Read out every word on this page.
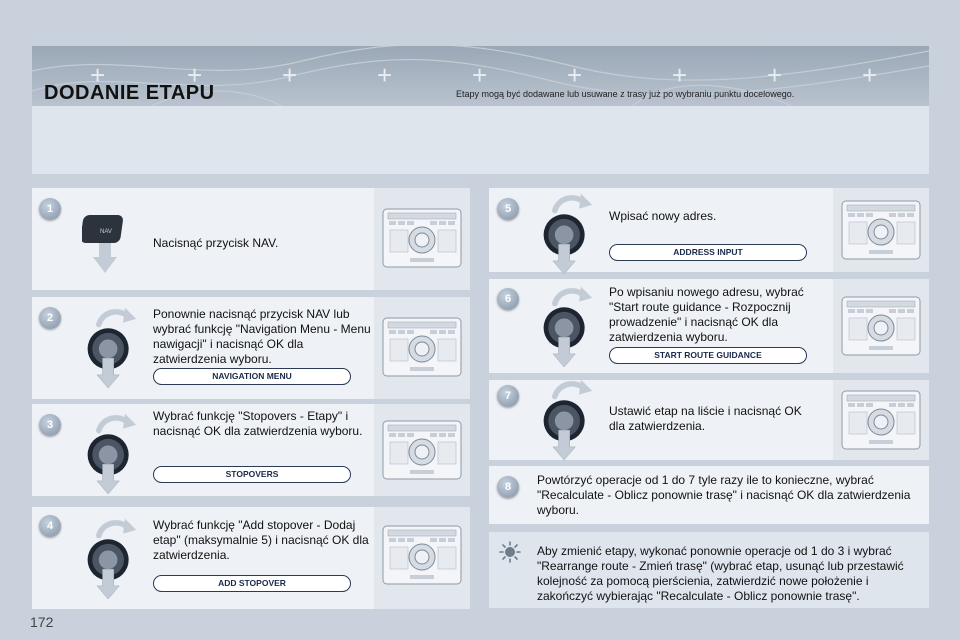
+	+	+	+	+	+	+	+	+
DODANIE ETAPU	Etapy mogą być dodawane lub usuwane z trasy już po wybraniu punktu docelowego.
1
NAV
Nacisnąć przycisk NAV.
2	Ponownie nacisnąć przycisk NAV lub wybrać funkcję "Navigation Menu - Menu nawigacji" i nacisnąć OK dla zatwierdzenia wyboru.
NAVIGATION MENU
3
Wybrać funkcję "Stopovers - Etapy" i nacisnąć OK dla zatwierdzenia wyboru.
STOPOVERS
4	Wybrać funkcję "Add stopover - Dodaj etap" (maksymalnie 5) i nacisnąć OK dla zatwierdzenia.
ADD STOPOVER
5	Wpisać nowy adres.
ADDRESS INPUT
6	Po wpisaniu nowego adresu, wybrać "Start route guidance - Rozpocznij prowadzenie" i nacisnąć OK dla zatwierdzenia wyboru.
START ROUTE GUIDANCE
7
Ustawić etap na liście i nacisnąć OK dla zatwierdzenia.
8	Powtórzyć operacje od 1 do 7 tyle razy ile to konieczne, wybrać "Recalculate - Oblicz ponownie trasę" i nacisnąć OK dla zatwierdzenia wyboru.
Aby zmienić etapy, wykonać ponownie operacje od 1 do 3 i wybrać "Rearrange route - Zmień trasę" (wybrać etap, usunąć lub przestawić kolejność za pomocą pierścienia, zatwierdzić nowe położenie i zakończyć wybierając "Recalculate - Oblicz ponownie trasę".
172
